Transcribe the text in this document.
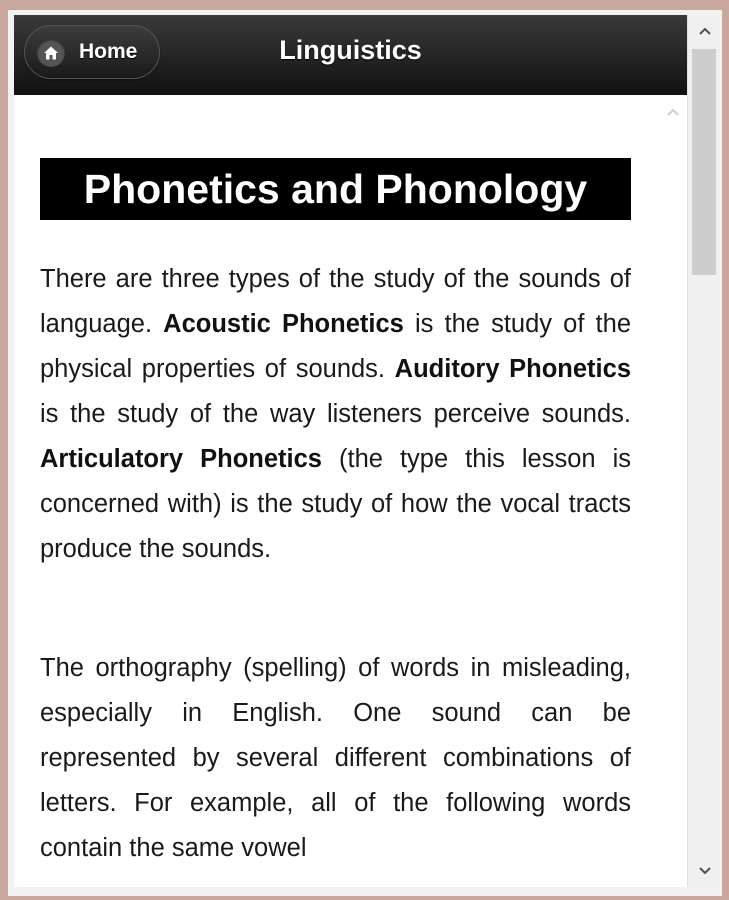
Home	Linguistics
Phonetics and Phonology

There are three types of the study of the sounds of language. Acoustic Phonetics is the study of the physical properties of sounds. Auditory Phonetics is the study of the way listeners perceive sounds. Articulatory Phonetics (the type this lesson is concerned with) is the study of how the vocal tracts produce the sounds.

The orthography (spelling) of words in misleading, especially in English. One sound can be represented by several different combinations of letters. For example, all of the following words contain the same vowel
